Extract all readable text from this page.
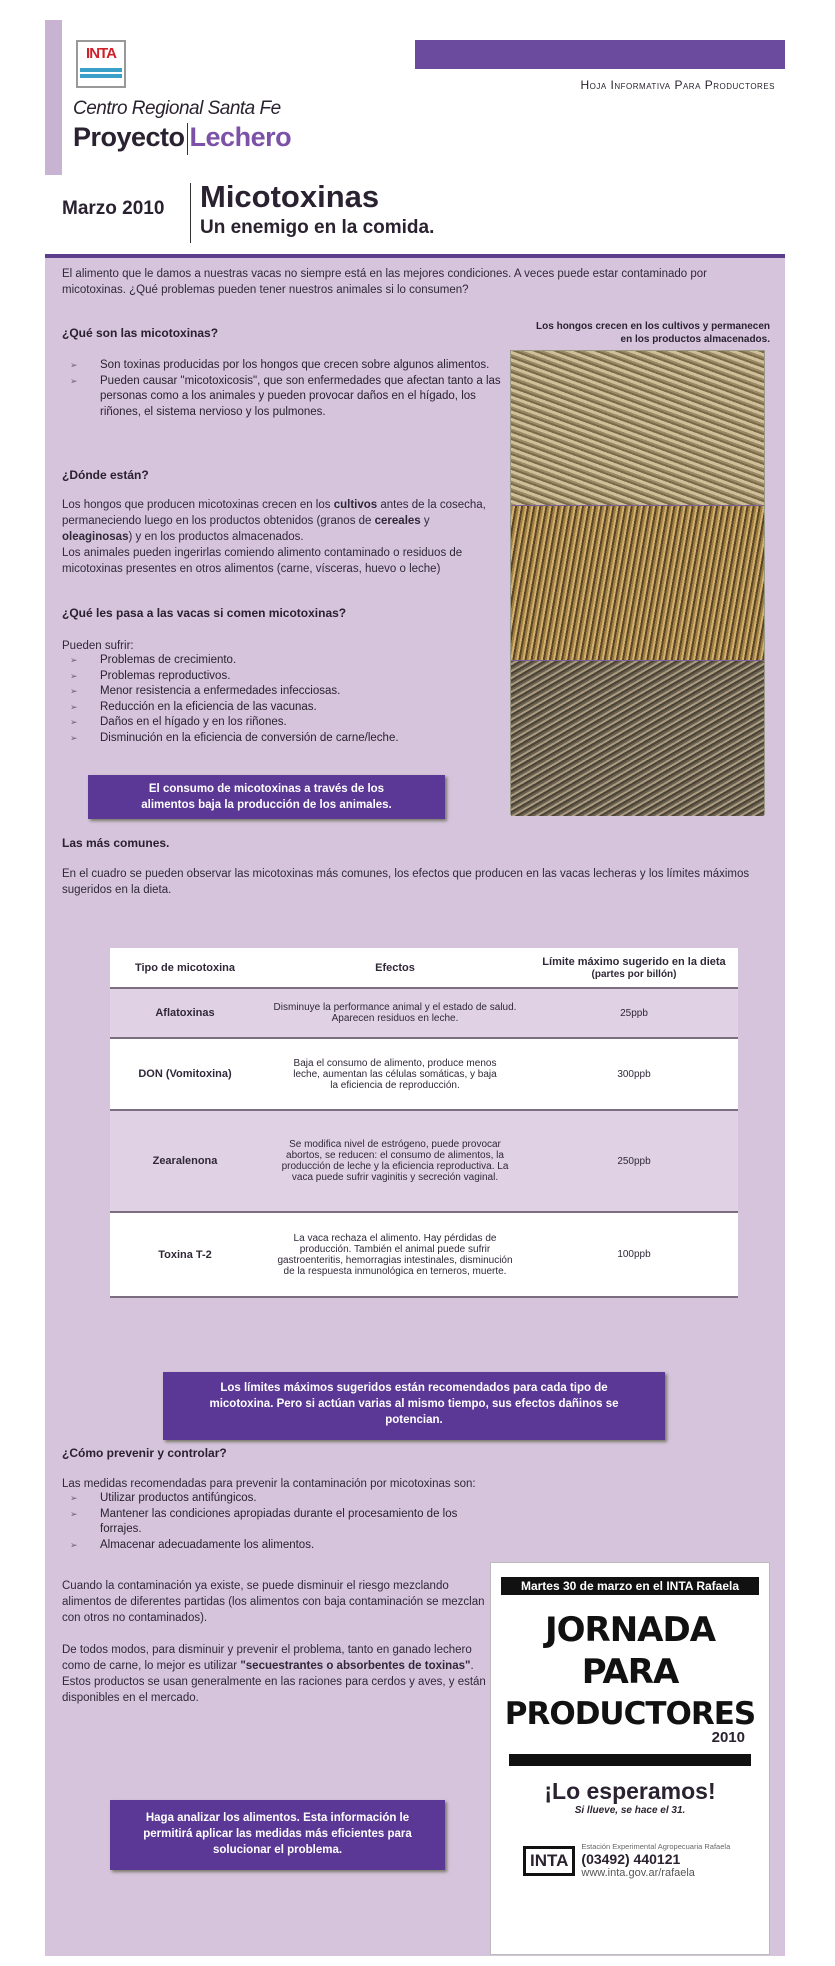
INTA
Hoja Informativa Para Productores
Centro Regional Santa Fe
Proyecto Lechero
Marzo 2010 Micotoxinas
Un enemigo en la comida.

El alimento que le damos a nuestras vacas no siempre está en las mejores condiciones. A veces puede estar contaminado por micotoxinas. ¿Qué problemas pueden tener nuestros animales si lo consumen?

Los hongos crecen en los cultivos y permanecen en los productos almacenados.
¿Qué son las micotoxinas?
➢ Son toxinas producidas por los hongos que crecen sobre algunos alimentos.
➢ Pueden causar "micotoxicosis", que son enfermedades que afectan tanto a las personas como a los animales y pueden provocar daños en el hígado, los riñones, el sistema nervioso y los pulmones.
¿Dónde están?

Los hongos que producen micotoxinas crecen en los cultivos antes de la cosecha, permaneciendo luego en los productos obtenidos (granos de cereales y oleaginosas) y en los productos almacenados.
Los animales pueden ingerirlas comiendo alimento contaminado o residuos de micotoxinas presentes en otros alimentos (carne, vísceras, huevo o leche)

¿Qué les pasa a las vacas si comen micotoxinas?

Pueden sufrir:

➢ Problemas de crecimiento.
➢ Problemas reproductivos.
➢ Menor resistencia a enfermedades infecciosas.
➢ Reducción en la eficiencia de las vacunas.
➢ Daños en el hígado y en los riñones.
➢ Disminución en la eficiencia de conversión de carne/leche.
El consumo de micotoxinas a través de los alimentos baja la producción de los animales.
Las más comunes.

En el cuadro se pueden observar las micotoxinas más comunes, los efectos que producen en las vacas lecheras y los límites máximos sugeridos en la dieta.

Tipo de micotoxina	Efectos	Límite máximo sugerido en la dieta
(partes por billón)
Aflatoxinas	Disminuye la performance animal y el estado de salud. Aparecen residuos en leche.	25ppb
DON (Vomitoxina)	Baja el consumo de alimento, produce menos leche, aumentan las células somáticas, y baja la eficiencia de reproducción.	300ppb
Zearalenona	Se modifica nivel de estrógeno, puede provocar abortos, se reducen: el consumo de alimentos, la producción de leche y la eficiencia reproductiva. La vaca puede sufrir vaginitis y secreción vaginal.	250ppb
Toxina T-2	La vaca rechaza el alimento. Hay pérdidas de producción. También el animal puede sufrir gastroenteritis, hemorragias intestinales, disminución de la respuesta inmunológica en terneros, muerte.	100ppb
Los límites máximos sugeridos están recomendados para cada tipo de micotoxina. Pero si actúan varias al mismo tiempo, sus efectos dañinos se potencian.
¿Cómo prevenir y controlar?

Las medidas recomendadas para prevenir la contaminación por micotoxinas son:

➢ Utilizar productos antifúngicos.
➢ Mantener las condiciones apropiadas durante el procesamiento de los forrajes.
➢ Almacenar adecuadamente los alimentos.

Cuando la contaminación ya existe, se puede disminuir el riesgo mezclando alimentos de diferentes partidas (los alimentos con baja contaminación se mezclan con otros no contaminados).

De todos modos, para disminuir y prevenir el problema, tanto en ganado lechero como de carne, lo mejor es utilizar "secuestrantes o absorbentes de toxinas". Estos productos se usan generalmente en las raciones para cerdos y aves, y están disponibles en el mercado.

Haga analizar los alimentos. Esta información le permitirá aplicar las medidas más eficientes para solucionar el problema.
Martes 30 de marzo en el INTA Rafaela
JORNADA
PARA
PRODUCTORES
2010
¡Lo esperamos!
Si llueve, se hace el 31.
INTA
Estación Experimental Agropecuaria Rafaela
(03492) 440121
www.inta.gov.ar/rafaela
